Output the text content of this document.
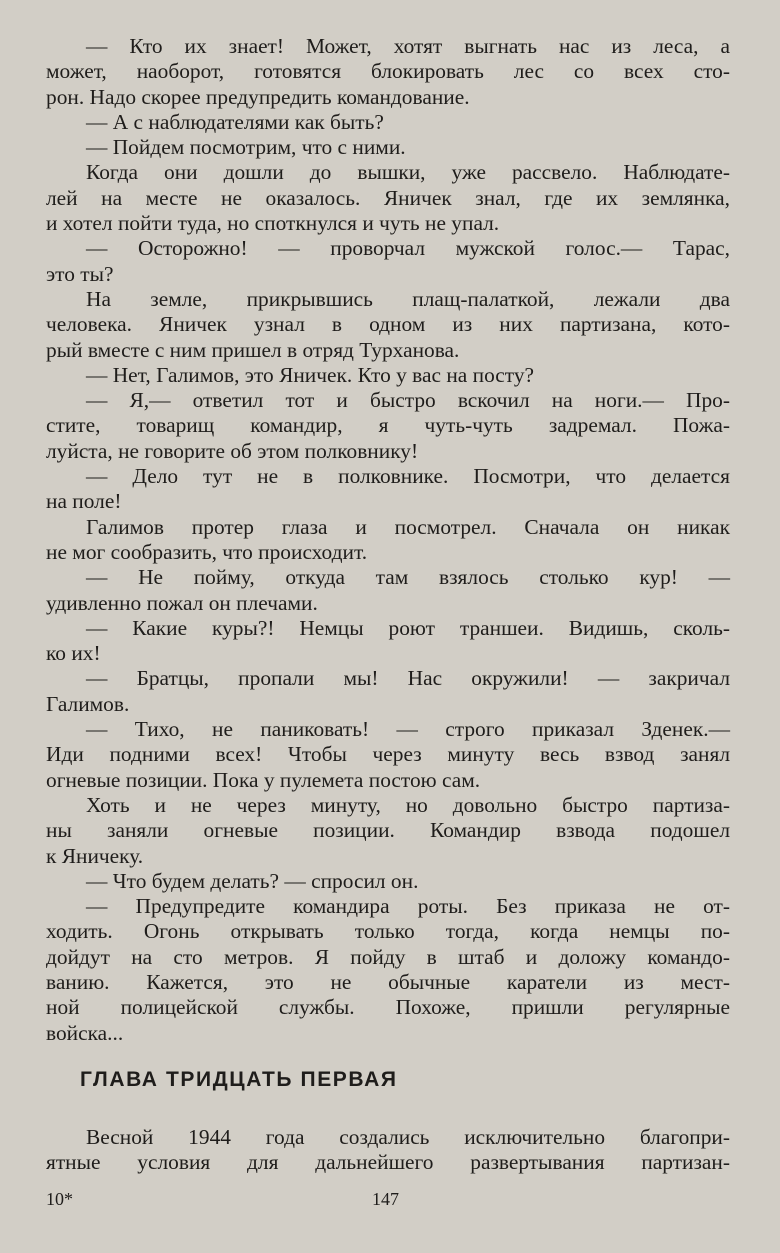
— Кто их знает! Может, хотят выгнать нас из леса, а
может, наоборот, готовятся блокировать лес со всех сто-
рон. Надо скорее предупредить командование.
— А с наблюдателями как быть?
— Пойдем посмотрим, что с ними.
Когда они дошли до вышки, уже рассвело. Наблюдате-
лей на месте не оказалось. Яничек знал, где их землянка,
и хотел пойти туда, но споткнулся и чуть не упал.
— Осторожно! — проворчал мужской голос.— Тарас,
это ты?
На земле, прикрывшись плащ-палаткой, лежали два
человека. Яничек узнал в одном из них партизана, кото-
рый вместе с ним пришел в отряд Турханова.
— Нет, Галимов, это Яничек. Кто у вас на посту?
— Я,— ответил тот и быстро вскочил на ноги.— Про-
стите, товарищ командир, я чуть-чуть задремал. Пожа-
луйста, не говорите об этом полковнику!
— Дело тут не в полковнике. Посмотри, что делается
на поле!
Галимов протер глаза и посмотрел. Сначала он никак
не мог сообразить, что происходит.
— Не пойму, откуда там взялось столько кур! —
удивленно пожал он плечами.
— Какие куры?! Немцы роют траншеи. Видишь, сколь-
ко их!
— Братцы, пропали мы! Нас окружили! — закричал
Галимов.
— Тихо, не паниковать! — строго приказал Зденек.—
Иди подними всех! Чтобы через минуту весь взвод занял
огневые позиции. Пока у пулемета постою сам.
Хоть и не через минуту, но довольно быстро партиза-
ны заняли огневые позиции. Командир взвода подошел
к Яничеку.
— Что будем делать? — спросил он.
— Предупредите командира роты. Без приказа не от-
ходить. Огонь открывать только тогда, когда немцы по-
дойдут на сто метров. Я пойду в штаб и доложу командо-
ванию. Кажется, это не обычные каратели из мест-
ной полицейской службы. Похоже, пришли регулярные
войска...
ГЛАВА ТРИДЦАТЬ ПЕРВАЯ
Весной 1944 года создались исключительно благопри-
ятные условия для дальнейшего развертывания партизан-
10*	147
